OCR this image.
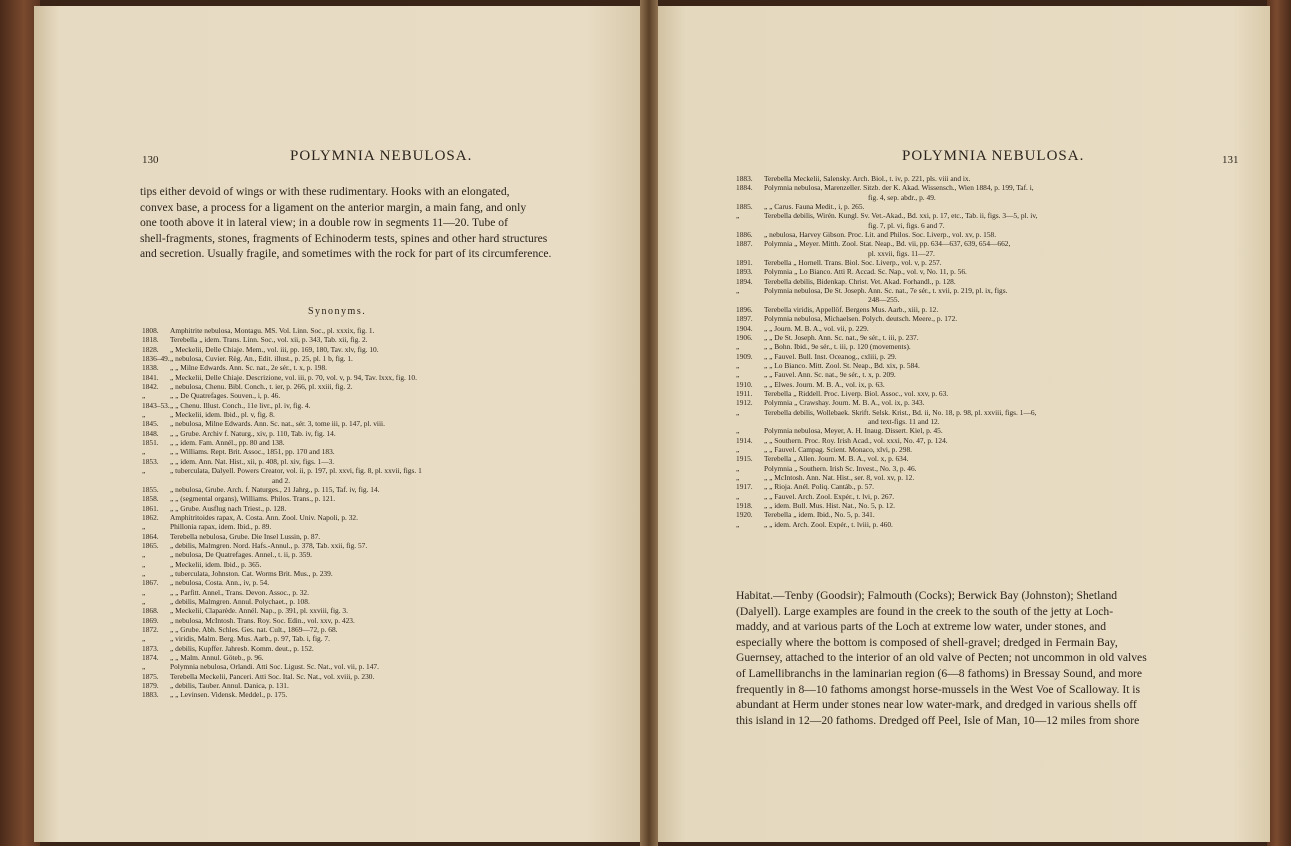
130	POLYMNIA NEBULOSA.
tips either devoid of wings or with these rudimentary. Hooks with an elongated,
convex base, a process for a ligament on the anterior margin, a main fang, and only
one tooth above it in lateral view; in a double row in segments 11—20. Tube of
shell-fragments, stones, fragments of Echinoderm tests, spines and other hard structures
and secretion. Usually fragile, and sometimes with the rock for part of its circumference.
Synonyms.
1808.	Amphitrite nebulosa, Montagu. MS. Vol. Linn. Soc., pl. xxxix, fig. 1.
1818.	Terebella „ idem. Trans. Linn. Soc., vol. xii, p. 343, Tab. xii, fig. 2.
1828.	„ Meckelii, Delle Chiaje. Mem., vol. iii, pp. 169, 180, Tav. xlv, fig. 10.
1836–49. „ nebulosa, Cuvier. Règ. An., Edit. illust., p. 25, pl. 1 b, fig. 1.
1838.	„ „ Milne Edwards. Ann. Sc. nat., 2e sér., t. x, p. 198.
1841.	„ Meckelii, Delle Chiaje. Descrizione, vol. iii, p. 70, vol. v, p. 94, Tav. lxxx, fig. 10.
1842.	„ nebulosa, Chenu. Bibl. Conch., t. ier, p. 266, pl. xxiii, fig. 2.
„	„ „ De Quatrefages. Souven., i, p. 46.
1843–53. „ „ Chenu. Illust. Conch., 11e livr., pl. iv, fig. 4.
„	„ Meckelii, idem. Ibid., pl. v, fig. 8.
1845.	„ nebulosa, Milne Edwards. Ann. Sc. nat., sér. 3, tome iii, p. 147, pl. viii.
1848.	„ „ Grube. Archiv f. Naturg., xiv, p. 110, Tab. iv, fig. 14.
1851.	„ „ idem. Fam. Annél., pp. 80 and 138.
„	„ „ Williams. Rept. Brit. Assoc., 1851, pp. 170 and 183.
1853.	„ „ idem. Ann. Nat. Hist., xii, p. 408, pl. xiv, figs. 1—3.
„	„ tuberculata, Dalyell. Powers Creator, vol. ii, p. 197, pl. xxvi, fig. 8, pl. xxvii, figs. 1
and 2.
1855.	„ nebulosa, Grube. Arch. f. Naturges., 21 Jahrg., p. 115, Taf. iv, fig. 14.
1858.	„ „ (segmental organs), Williams. Philos. Trans., p. 121.
1861.	„ „ Grube. Ausflug nach Triest., p. 128.
1862.	Amphitritoides rapax, A. Costa. Ann. Zool. Univ. Napoli, p. 32.
„	Phillonia rapax, idem. Ibid., p. 89.
1864.	Terebella nebulosa, Grube. Die Insel Lussin, p. 87.
1865.	„ debilis, Malmgren. Nord. Hafs.-Annul., p. 378, Tab. xxii, fig. 57.
„	„ nebulosa, De Quatrefages. Annel., t. ii, p. 359.
„	„ Meckelii, idem. Ibid., p. 365.
„	„ tuberculata, Johnston. Cat. Worms Brit. Mus., p. 239.
1867.	„ nebulosa, Costa. Ann., iv, p. 54.
„	„ „ Parfitt. Annel., Trans. Devon. Assoc., p. 32.
„	„ debilis, Malmgren. Annul. Polychaet., p. 108.
1868.	„ Meckelii, Claparède. Annél. Nap., p. 391, pl. xxviii, fig. 3.
1869.	„ nebulosa, McIntosh. Trans. Roy. Soc. Edin., vol. xxv, p. 423.
1872.	„ „ Grube. Abh. Schles. Ges. nat. Cult., 1869—72, p. 68.
„	„ viridis, Malm. Berg. Mus. Aarb., p. 97, Tab. i, fig. 7.
1873.	„ debilis, Kupffer. Jahresb. Komm. deut., p. 152.
1874.	„ „ Malm. Annul. Göteb., p. 96.
„	Polymnia nebulosa, Orlandi. Atti Soc. Ligust. Sc. Nat., vol. vii, p. 147.
1875.	Terebella Meckelii, Panceri. Atti Soc. Ital. Sc. Nat., vol. xviii, p. 230.
1879.	„ debilis, Tauber. Annul. Danica, p. 131.
1883.	„ „ Levinsen. Vidensk. Meddel., p. 175.
POLYMNIA NEBULOSA.	131
1883.	Terebella Meckelii, Salensky. Arch. Biol., t. iv, p. 221, pls. viii and ix.
1884.	Polymnia nebulosa, Marenzeller. Sitzb. der K. Akad. Wissensch., Wien 1884, p. 199, Taf. i,
fig. 4, sep. abdr., p. 49.
1885.	„ „ Carus. Fauna Medit., i, p. 265.
„	Terebella debilis, Wirén. Kungl. Sv. Vet.-Akad., Bd. xxi, p. 17, etc., Tab. ii, figs. 3—5, pl. iv,
fig. 7, pl. vi, figs. 6 and 7.
1886.	„ nebulosa, Harvey Gibson. Proc. Lit. and Philos. Soc. Liverp., vol. xv, p. 158.
1887.	Polymnia „ Meyer. Mitth. Zool. Stat. Neap., Bd. vii, pp. 634—637, 639, 654—662,
pl. xxvii, figs. 11—27.
1891.	Terebella „ Hornell. Trans. Biol. Soc. Liverp., vol. v, p. 257.
1893.	Polymnia „ Lo Bianco. Atti R. Accad. Sc. Nap., vol. v, No. 11, p. 56.
1894.	Terebella debilis, Bidenkap. Christ. Vet. Akad. Forhandl., p. 128.
„	Polymnia nebulosa, De St. Joseph. Ann. Sc. nat., 7e sér., t. xvii, p. 219, pl. ix, figs.
248—255.
1896.	Terebella viridis, Appellöf. Bergens Mus. Aarb., xiii, p. 12.
1897.	Polymnia nebulosa, Michaelsen. Polych. deutsch. Meere., p. 172.
1904.	„ „ Journ. M. B. A., vol. vii, p. 229.
1906.	„ „ De St. Joseph. Ann. Sc. nat., 9e sér., t. iii, p. 237.
„	„ „ Bohn. Ibid., 9e sér., t. iii, p. 120 (movements).
1909.	„ „ Fauvel. Bull. Inst. Oceanog., cxliii, p. 29.
„	„ „ Lo Bianco. Mitt. Zool. St. Neap., Bd. xix, p. 584.
„	„ „ Fauvel. Ann. Sc. nat., 9e sér., t. x, p. 209.
1910.	„ „ Elwes. Journ. M. B. A., vol. ix, p. 63.
1911.	Terebella „ Riddell. Proc. Liverp. Biol. Assoc., vol. xxv, p. 63.
1912.	Polymnia „ Crawshay. Journ. M. B. A., vol. ix, p. 343.
„	Terebella debilis, Wollebaek. Skrift. Selsk. Krist., Bd. ii, No. 18, p. 98, pl. xxviii, figs. 1—6,
and text-figs. 11 and 12.
„	Polymnia nebulosa, Meyer, A. H. Inaug. Dissert. Kiel, p. 45.
1914.	„ „ Southern. Proc. Roy. Irish Acad., vol. xxxi, No. 47, p. 124.
„	„ „ Fauvel. Campag. Scient. Monaco, xlvi, p. 298.
1915.	Terebella „ Allen. Journ. M. B. A., vol. x, p. 634.
„	Polymnia „ Southern. Irish Sc. Invest., No. 3, p. 46.
„	„ „ McIntosh. Ann. Nat. Hist., ser. 8, vol. xv, p. 12.
1917.	„ „ Rioja. Anél. Poliq. Cantáb., p. 57.
„	„ „ Fauvel. Arch. Zool. Expér., t. lvi, p. 267.
1918.	„ „ idem. Bull. Mus. Hist. Nat., No. 5, p. 12.
1920.	Terebella „ idem. Ibid., No. 5, p. 341.
„	„ „ idem. Arch. Zool. Expér., t. lviii, p. 460.
Habitat.—Tenby (Goodsir); Falmouth (Cocks); Berwick Bay (Johnston); Shetland
(Dalyell). Large examples are found in the creek to the south of the jetty at Loch-
maddy, and at various parts of the Loch at extreme low water, under stones, and
especially where the bottom is composed of shell-gravel; dredged in Fermain Bay,
Guernsey, attached to the interior of an old valve of Pecten; not uncommon in old valves
of Lamellibranchs in the laminarian region (6—8 fathoms) in Bressay Sound, and more
frequently in 8—10 fathoms amongst horse-mussels in the West Voe of Scalloway. It is
abundant at Herm under stones near low water-mark, and dredged in various shells off
this island in 12—20 fathoms. Dredged off Peel, Isle of Man, 10—12 miles from shore
